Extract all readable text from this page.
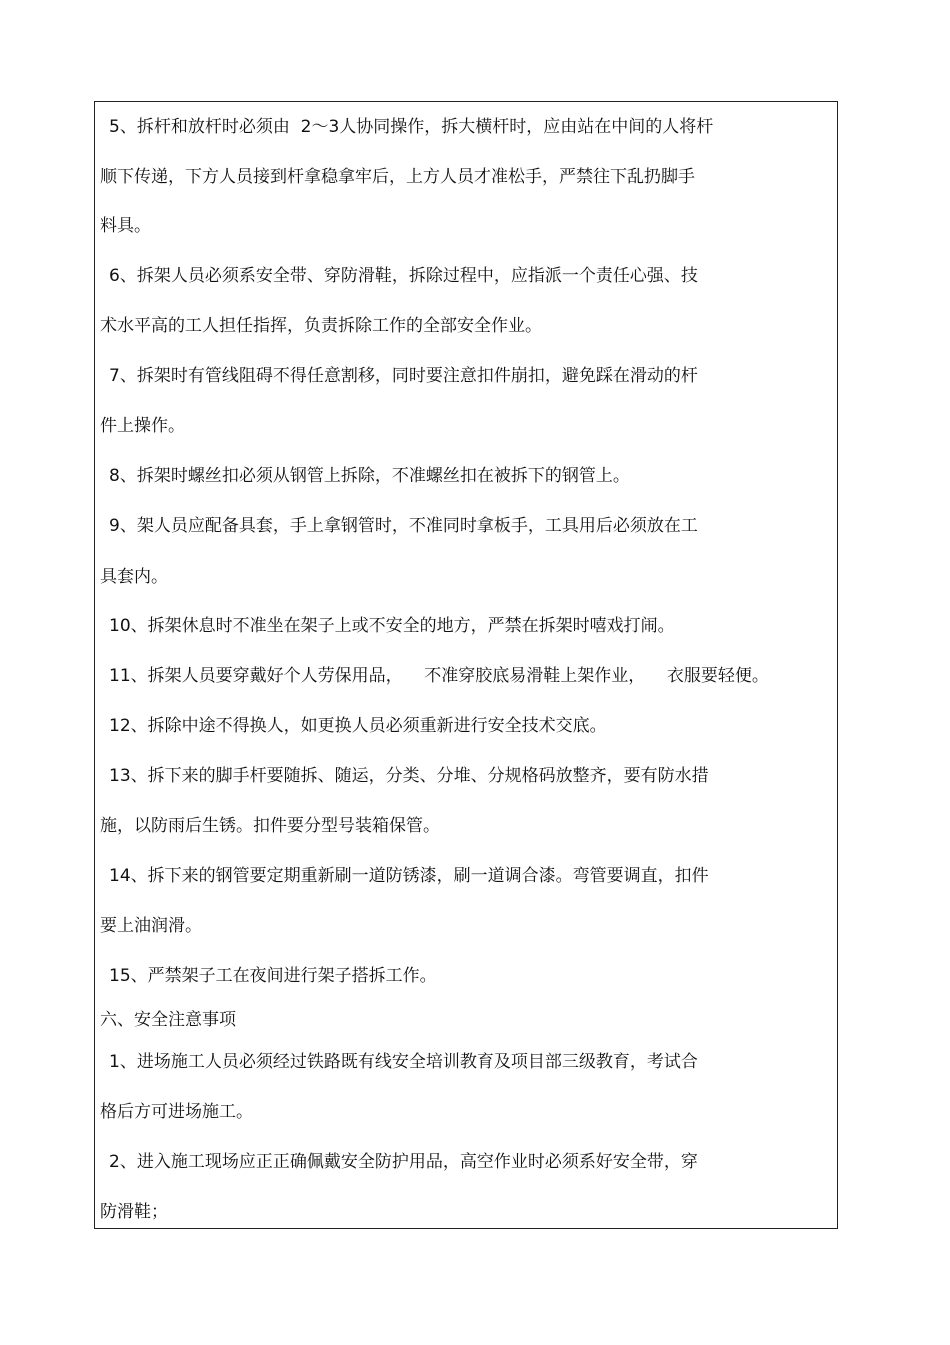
5、拆杆和放杆时必须由  2～3人协同操作，拆大横杆时，应由站在中间的人将杆
顺下传递，下方人员接到杆拿稳拿牢后，上方人员才准松手，严禁往下乱扔脚手
料具。
6、拆架人员必须系安全带、穿防滑鞋，拆除过程中，应指派一个责任心强、技
术水平高的工人担任指挥，负责拆除工作的全部安全作业。
7、拆架时有管线阻碍不得任意割移，同时要注意扣件崩扣，避免踩在滑动的杆
件上操作。
8、拆架时螺丝扣必须从钢管上拆除，不准螺丝扣在被拆下的钢管上。
9、架人员应配备具套，手上拿钢管时，不准同时拿板手，工具用后必须放在工
具套内。
10、拆架休息时不准坐在架子上或不安全的地方，严禁在拆架时嘻戏打闹。
11、拆架人员要穿戴好个人劳保用品，    不准穿胶底易滑鞋上架作业，    衣服要轻便。
12、拆除中途不得换人，如更换人员必须重新进行安全技术交底。
13、拆下来的脚手杆要随拆、随运，分类、分堆、分规格码放整齐，要有防水措
施，以防雨后生锈。扣件要分型号装箱保管。
14、拆下来的钢管要定期重新刷一道防锈漆，刷一道调合漆。弯管要调直，扣件
要上油润滑。
15、严禁架子工在夜间进行架子搭拆工作。
六、安全注意事项
1、进场施工人员必须经过铁路既有线安全培训教育及项目部三级教育，考试合
格后方可进场施工。
2、进入施工现场应正正确佩戴安全防护用品，高空作业时必须系好安全带，穿
防滑鞋；
